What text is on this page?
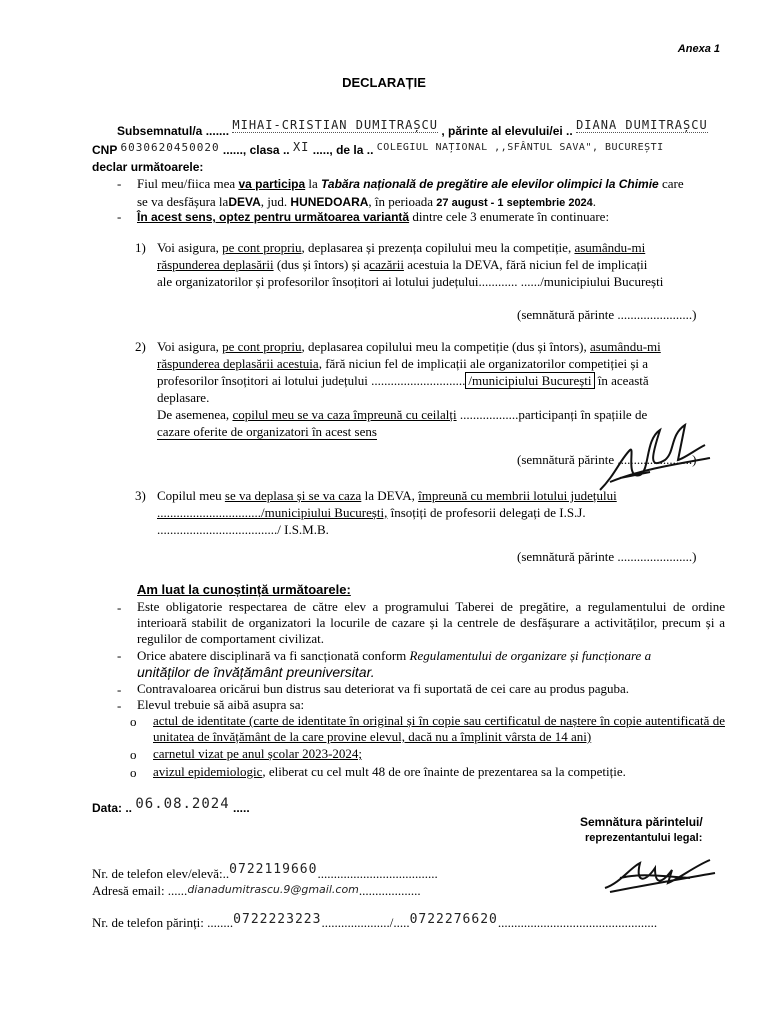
Anexa 1
DECLARAȚIE
Subsemnatul/a ....... MIHAI-CRISTIAN DUMITRAȘCU , părinte al elevului/ei .. DIANA DUMITRAȘCU
CNP 6030620450020 ......, clasa .. XI ....., de la .. $^{COLEGIUL NAȚIONAL ,,SFÂNTUL SAVA", BUCUREȘTI}$
declar următoarele:
- Fiul meu/fiica mea va participa la Tabăra națională de pregătire ale elevilor olimpici la Chimie care
se va desfășura laDEVA, jud. HUNEDOARA, în perioada 27 august - 1 septembrie 2024.
- În acest sens, optez pentru următoarea variantă dintre cele 3 enumerate în continuare:
1) Voi asigura, pe cont propriu, deplasarea și prezența copilului meu la competiție, asumându-mi
răspunderea deplasării (dus și întors) și acazării acestuia la DEVA, fără niciun fel de implicații
ale organizatorilor și profesorilor însoțitori ai lotului județului............ ....../municipiului București
(semnătură părinte .......................)
2) Voi asigura, pe cont propriu, deplasarea copilului meu la competiție (dus și întors), asumându-mi
răspunderea deplasării acestuia, fără niciun fel de implicații ale organizatorilor competiției și a
profesorilor însoțitori ai lotului județului ............................. /municipiului București în această
deplasare.
De asemenea, copilul meu se va caza împreună cu ceilalți ..................participanți în spațiile de
cazare oferite de organizatori în acest sens
(semnătură părinte .......................)
3) Copilul meu se va deplasa și se va caza la DEVA, împreună cu membrii lotului județului
................................/municipiului București, însoțiți de profesorii delegați de I.S.J.
...................................../ I.S.M.B.
(semnătură părinte .......................)
Am luat la cunoștință următoarele:
- Este obligatorie respectarea de către elev a programului Taberei de pregătire, a regulamentului de ordine interioară stabilit de organizatori la locurile de cazare și la centrele de desfășurare a activităților, precum și a regulilor de comportament civilizat.
- Orice abatere disciplinară va fi sancționată conform Regulamentului de organizare și funcționare a
unităților de învățământ preuniversitar.
- Contravaloarea oricărui bun distrus sau deteriorat va fi suportată de cei care au produs paguba.
- Elevul trebuie să aibă asupra sa:
o actul de identitate (carte de identitate în original și în copie sau certificatul de naștere în copie autentificată de unitatea de învățământ de la care provine elevul, dacă nu a împlinit vârsta de 14 ani)
o carnetul vizat pe anul școlar 2023-2024;
o avizul epidemiologic, eliberat cu cel mult 48 de ore înainte de prezentarea sa la competiție.
Data: .. 06.08.2024 .....
Semnătura părintelui/
reprezentantului legal:
Nr. de telefon elev/elevă:..0722119660.....................................
Adresă email: ......dianadumitrascu.9@gmail.com...................
Nr. de telefon părinți: ........0722223223...................../.....0722276620.................................................
